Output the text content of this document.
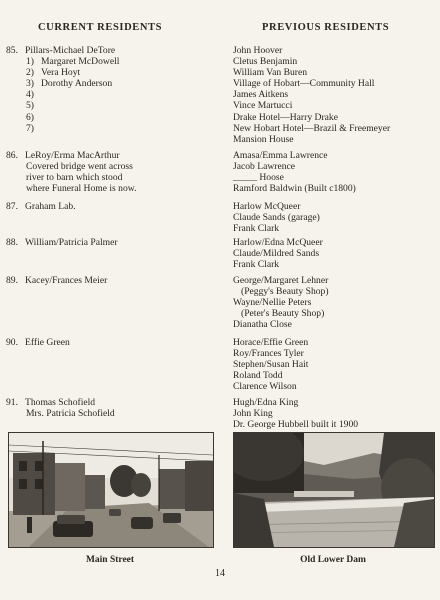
CURRENT RESIDENTS	PREVIOUS RESIDENTS
85. Pillars-Michael DeTore
1) Margaret McDowell
2) Vera Hoyt
3) Dorothy Anderson
4)
5)
6)
7)
86. LeRoy/Erma MacArthur
Covered bridge went across
river to barn which stood
where Funeral Home is now.
87. Graham Lab.
88. William/Patricia Palmer
89. Kacey/Frances Meier
90. Effie Green
91. Thomas Schofield
Mrs. Patricia Schofield
John Hoover
Cletus Benjamin
William Van Buren
Village of Hobart—Community Hall
James Aitkens
Vince Martucci
Drake Hotel—Harry Drake
New Hobart Hotel—Brazil & Freemeyer
Mansion House
Amasa/Emma Lawrence
Jacob Lawrence
_____ Hoose
Ramford Baldwin (Built c1800)
Harlow McQueer
Claude Sands (garage)
Frank Clark
Harlow/Edna McQueer
Claude/Mildred Sands
Frank Clark
George/Margaret Lehner
(Peggy's Beauty Shop)
Wayne/Nellie Peters
(Peter's Beauty Shop)
Dianatha Close
Horace/Effie Green
Roy/Frances Tyler
Stephen/Susan Hait
Roland Todd
Clarence Wilson
Hugh/Edna King
John King
Dr. George Hubbell built it 1900
Main Street	Old Lower Dam
14
